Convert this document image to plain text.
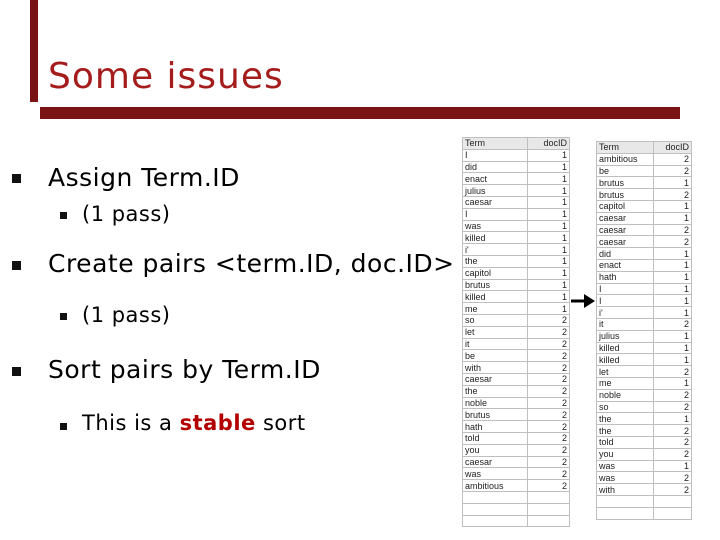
Some issues
Assign Term.ID
(1 pass)
Create pairs <term.ID, doc.ID>
(1 pass)
Sort pairs by Term.ID
This is a stable sort
Term	docID
I	1
did	1
enact	1
julius	1
caesar	1
I	1
was	1
killed	1
i'	1
the	1
capitol	1
brutus	1
killed	1
me	1
so	2
let	2
it	2
be	2
with	2
caesar	2
the	2
noble	2
brutus	2
hath	2
told	2
you	2
caesar	2
was	2
ambitious	2

Term	docID
ambitious	2
be	2
brutus	1
brutus	2
capitol	1
caesar	1
caesar	2
caesar	2
did	1
enact	1
hath	1
I	1
I	1
i'	1
it	2
julius	1
killed	1
killed	1
let	2
me	1
noble	2
so	2
the	1
the	2
told	2
you	2
was	1
was	2
with	2
